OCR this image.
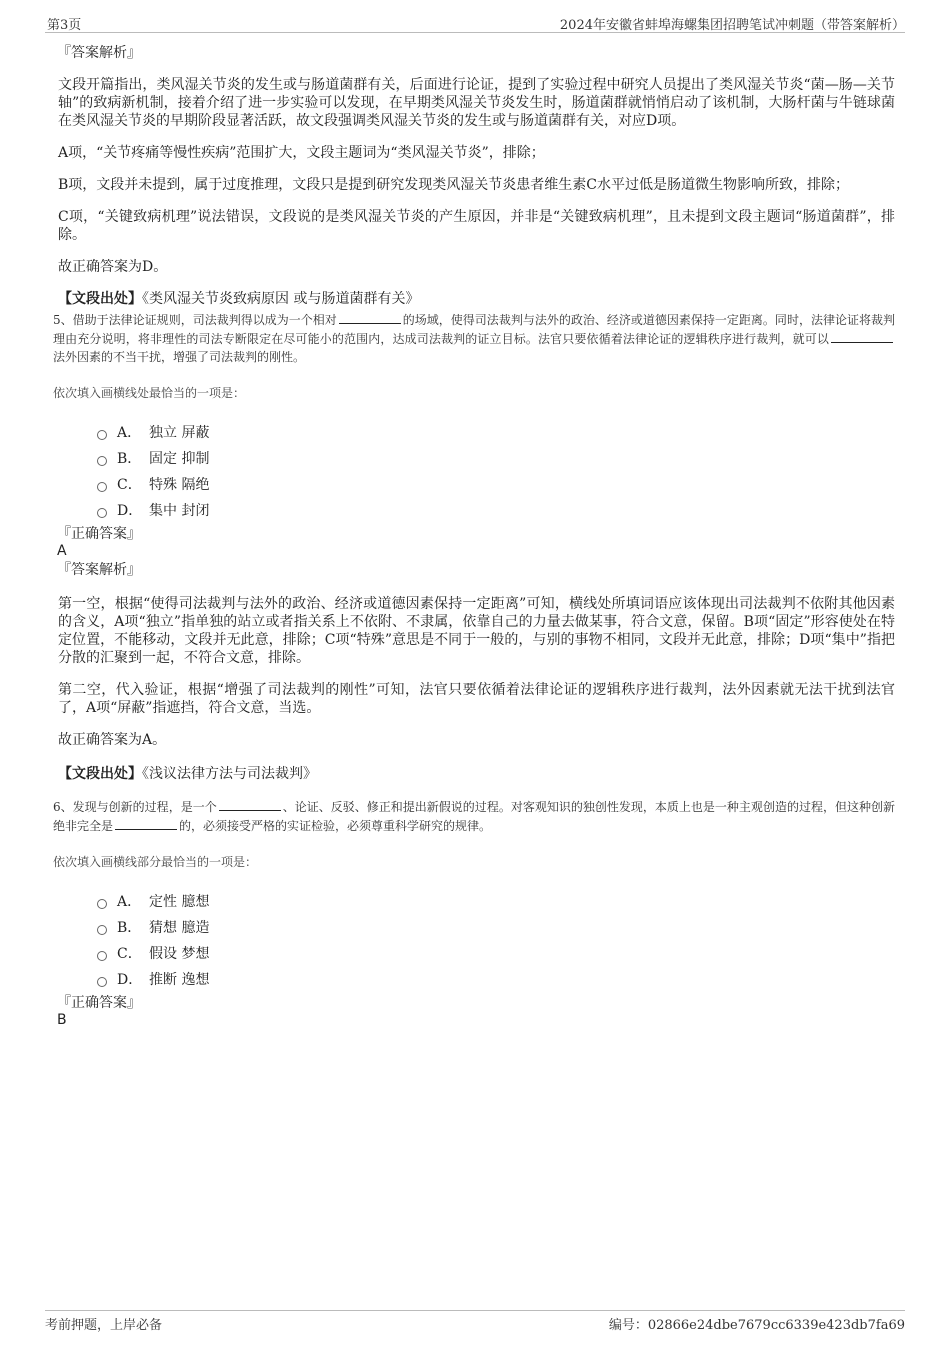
第3页	2024年安徽省蚌埠海螺集团招聘笔试冲刺题（带答案解析）
『答案解析』
文段开篇指出，类风湿关节炎的发生或与肠道菌群有关，后面进行论证，提到了实验过程中研究人员提出了类风湿关节炎“菌—肠—关节轴”的致病新机制，接着介绍了进一步实验可以发现，在早期类风湿关节炎发生时，肠道菌群就悄悄启动了该机制，大肠杆菌与牛链球菌在类风湿关节炎的早期阶段显著活跃，故文段强调类风湿关节炎的发生或与肠道菌群有关，对应D项。
A项，“关节疼痛等慢性疾病”范围扩大，文段主题词为“类风湿关节炎”，排除；
B项，文段并未提到，属于过度推理，文段只是提到研究发现类风湿关节炎患者维生素C水平过低是肠道微生物影响所致，排除；
C项，“关键致病机理”说法错误，文段说的是类风湿关节炎的产生原因，并非是“关键致病机理”，且未提到文段主题词“肠道菌群”，排除。
故正确答案为D。
【文段出处】《类风湿关节炎致病原因 或与肠道菌群有关》
5、借助于法律论证规则，司法裁判得以成为一个相对	的场域，使得司法裁判与法外的政治、经济或道德因素保持一定距离。同时，法律论证将裁判理由充分说明，将非理性的司法专断限定在尽可能小的范围内，达成司法裁判的证立目标。法官只要依循着法律论证的逻辑秩序进行裁判，就可以法外因素的不当干扰，增强了司法裁判的刚性。
依次填入画横线处最恰当的一项是：
A． 独立 屏蔽
B． 固定 抑制
C． 特殊 隔绝
D． 集中 封闭
『正确答案』
A
『答案解析』
第一空，根据“使得司法裁判与法外的政治、经济或道德因素保持一定距离”可知，横线处所填词语应该体现出司法裁判不依附其他因素的含义，A项“独立”指单独的站立或者指关系上不依附、不隶属，依靠自己的力量去做某事，符合文意，保留。B项“固定”形容使处在特定位置，不能移动，文段并无此意，排除；C项“特殊”意思是不同于一般的，与别的事物不相同，文段并无此意，排除；D项“集中”指把分散的汇聚到一起，不符合文意，排除。
第二空，代入验证，根据“增强了司法裁判的刚性”可知，法官只要依循着法律论证的逻辑秩序进行裁判，法外因素就无法干扰到法官了，A项“屏蔽”指遮挡，符合文意，当选。
故正确答案为A。
【文段出处】《浅议法律方法与司法裁判》
6、发现与创新的过程，是一个	、论证、反驳、修正和提出新假说的过程。对客观知识的独创性发现，本质上也是一种主观创造的过程，但这种创新绝非完全是	的，必须接受严格的实证检验，必须尊重科学研究的规律。
依次填入画横线部分最恰当的一项是：
A． 定性 臆想
B． 猜想 臆造
C． 假设 梦想
D． 推断 逸想
『正确答案』
B
考前押题，上岸必备	编号：02866e24dbe7679cc6339e423db7fa69
